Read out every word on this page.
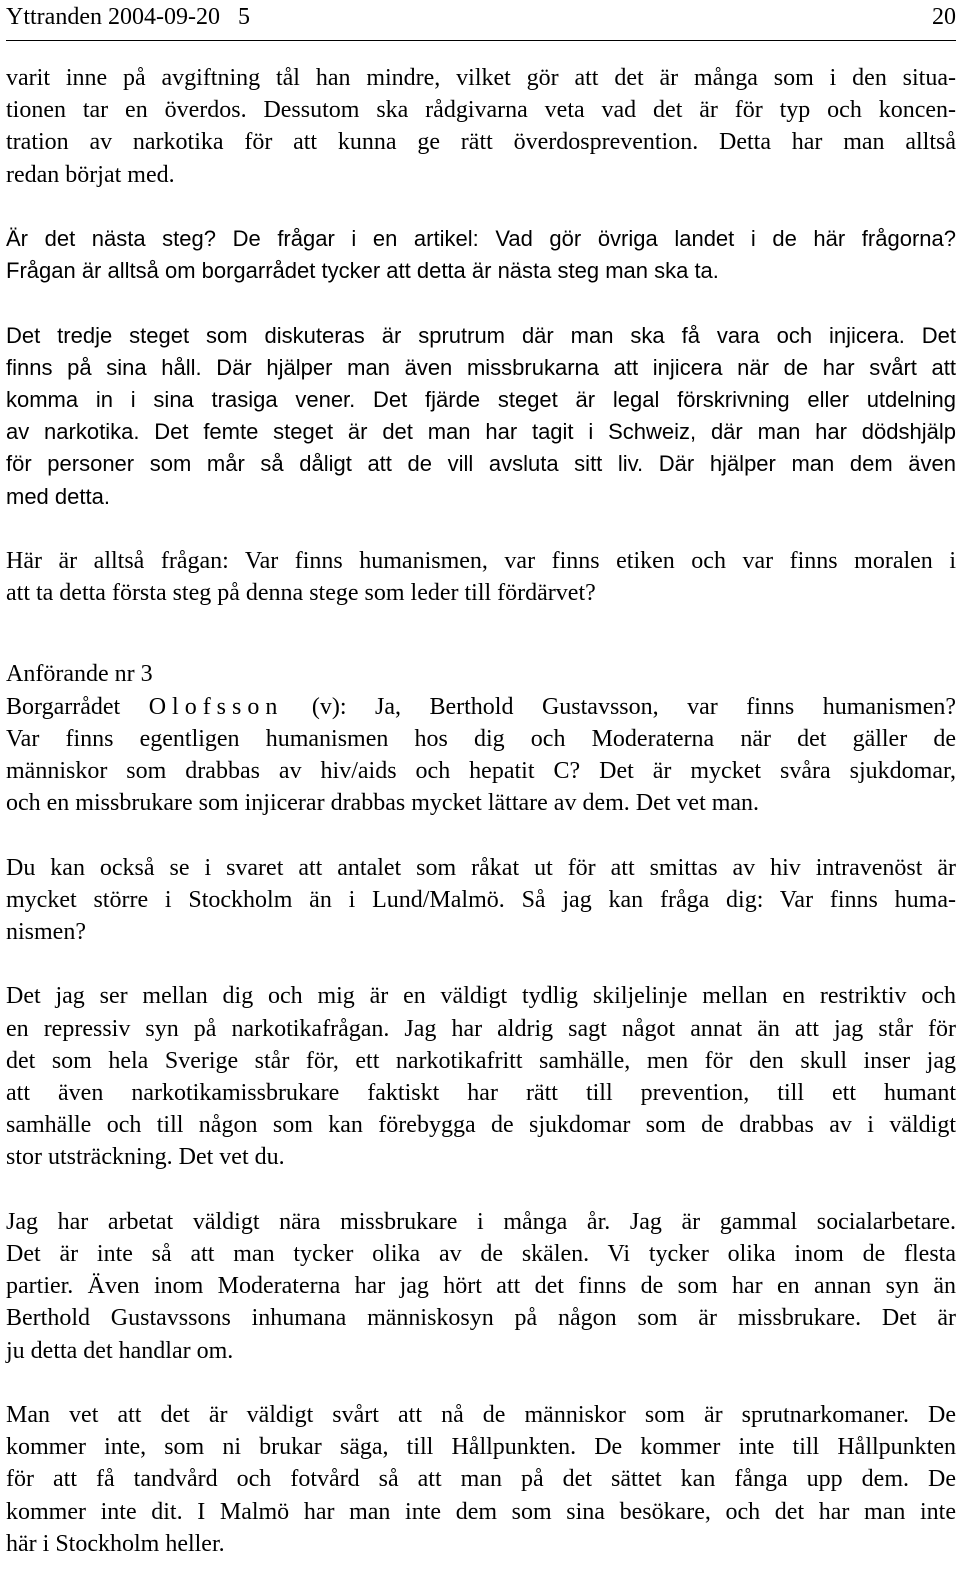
Yttranden 2004-09-20   5	20
varit inne på avgiftning tål han mindre, vilket gör att det är många som i den situa-
tionen tar en överdos. Dessutom ska rådgivarna veta vad det är för typ och koncen-
tration av narkotika för att kunna ge rätt överdosprevention. Detta har man alltså
redan börjat med.
Är det nästa steg? De frågar i en artikel: Vad gör övriga landet i de här frågorna?
Frågan är alltså om borgarrådet tycker att detta är nästa steg man ska ta.
Det tredje steget som diskuteras är sprutrum där man ska få vara och injicera. Det
finns på sina håll. Där hjälper man även missbrukarna att injicera när de har svårt att
komma in i sina trasiga vener. Det fjärde steget är legal förskrivning eller utdelning
av narkotika. Det femte steget är det man har tagit i Schweiz, där man har dödshjälp
för personer som mår så dåligt att de vill avsluta sitt liv. Där hjälper man dem även
med detta.
Här är alltså frågan: Var finns humanismen, var finns etiken och var finns moralen i
att ta detta första steg på denna stege som leder till fördärvet?
Anförande nr 3
Borgarrådet Olofsson (v): Ja, Berthold Gustavsson, var finns humanismen?
Var finns egentligen humanismen hos dig och Moderaterna när det gäller de
människor som drabbas av hiv/aids och hepatit C? Det är mycket svåra sjukdomar,
och en missbrukare som injicerar drabbas mycket lättare av dem. Det vet man.
Du kan också se i svaret att antalet som råkat ut för att smittas av hiv intravenöst är
mycket större i Stockholm än i Lund/Malmö. Så jag kan fråga dig: Var finns huma-
nismen?
Det jag ser mellan dig och mig är en väldigt tydlig skiljelinje mellan en restriktiv och
en repressiv syn på narkotikafrågan. Jag har aldrig sagt något annat än att jag står för
det som hela Sverige står för, ett narkotikafritt samhälle, men för den skull inser jag
att även narkotikamissbrukare faktiskt har rätt till prevention, till ett humant
samhälle och till någon som kan förebygga de sjukdomar som de drabbas av i väldigt
stor utsträckning. Det vet du.
Jag har arbetat väldigt nära missbrukare i många år. Jag är gammal socialarbetare.
Det är inte så att man tycker olika av de skälen. Vi tycker olika inom de flesta
partier. Även inom Moderaterna har jag hört att det finns de som har en annan syn än
Berthold Gustavssons inhumana människosyn på någon som är missbrukare. Det är
ju detta det handlar om.
Man vet att det är väldigt svårt att nå de människor som är sprutnarkomaner. De
kommer inte, som ni brukar säga, till Hållpunkten. De kommer inte till Hållpunkten
för att få tandvård och fotvård så att man på det sättet kan fånga upp dem. De
kommer inte dit. I Malmö har man inte dem som sina besökare, och det har man inte
här i Stockholm heller.
